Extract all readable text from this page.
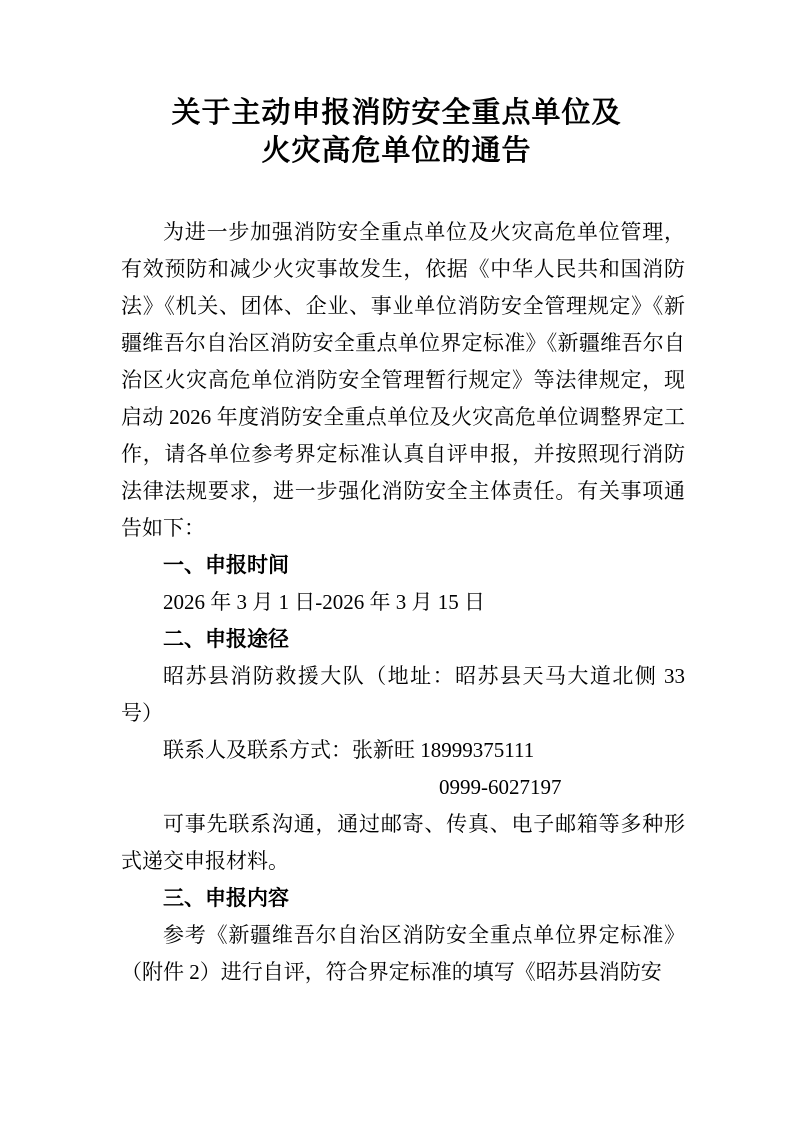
关于主动申报消防安全重点单位及
火灾高危单位的通告

为进一步加强消防安全重点单位及火灾高危单位管理，有效预防和减少火灾事故发生，依据《中华人民共和国消防法》《机关、团体、企业、事业单位消防安全管理规定》《新疆维吾尔自治区消防安全重点单位界定标准》《新疆维吾尔自治区火灾高危单位消防安全管理暂行规定》等法律规定，现启动 2026 年度消防安全重点单位及火灾高危单位调整界定工作，请各单位参考界定标准认真自评申报，并按照现行消防法律法规要求，进一步强化消防安全主体责任。有关事项通告如下：

一、申报时间

2026 年 3 月 1 日-2026 年 3 月 15 日

二、申报途径

昭苏县消防救援大队（地址：昭苏县天马大道北侧 33 号）

联系人及联系方式：张新旺 18999375111

0999-6027197

可事先联系沟通，通过邮寄、传真、电子邮箱等多种形式递交申报材料。

三、申报内容

参考《新疆维吾尔自治区消防安全重点单位界定标准》（附件 2）进行自评，符合界定标准的填写《昭苏县消防安
